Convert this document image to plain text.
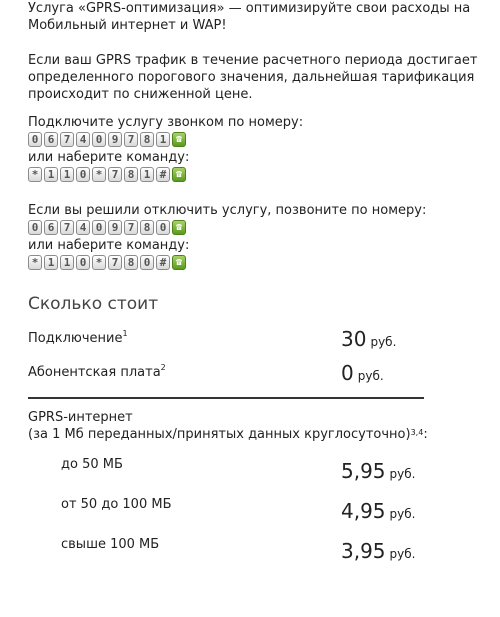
Услуга «GPRS-оптимизация» — оптимизируйте свои расходы на Мобильный интернет и WAP!

Если ваш GPRS трафик в течение расчетного периода достигает определенного порогового значения, дальнейшая тарификация происходит по сниженной цене.

Подключите услугу звонком по номеру:
0 6 7 4 0 9 7 8 1 ☎
или наберите команду:
* 1 1 0 * 7 8 1 # ☎
Если вы решили отключить услугу, позвоните по номеру:
0 6 7 4 0 9 7 8 0 ☎
или наберите команду:
* 1 1 0 * 7 8 0 # ☎
Сколько стоит
Подключение$^1$	30 руб.
Абонентская плата$^2$	0 руб.
GPRS-интернет
(за 1 Мб переданных/принятых данных круглосуточно)$^{3,4}$:
до 50 МБ	5,95 руб.
от 50 до 100 МБ	4,95 руб.
свыше 100 МБ	3,95 руб.
